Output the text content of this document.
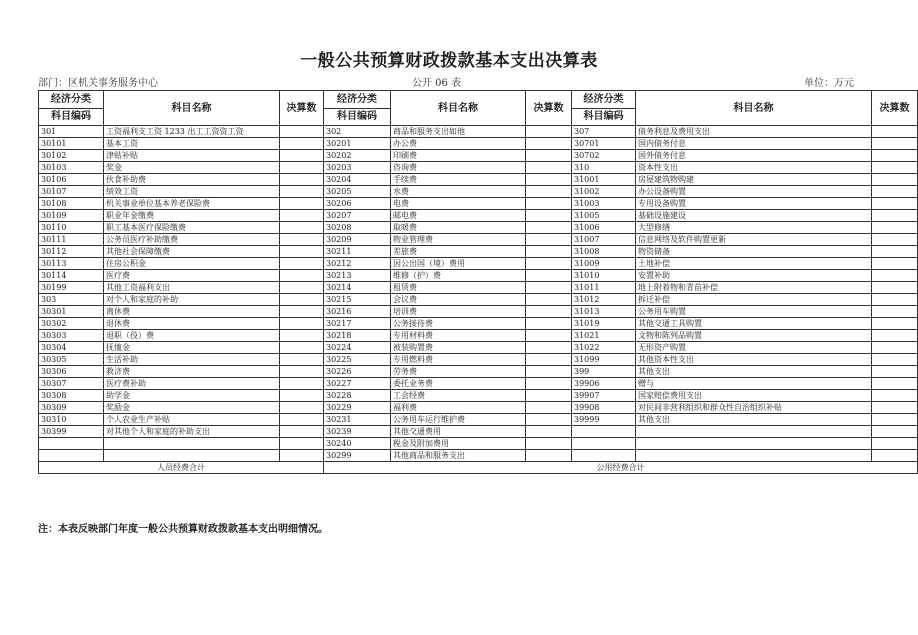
一般公共预算财政拨款基本支出决算表
部门：区机关事务服务中心	公开 06 表	单位：万元
经济分类	科目名称	决算数	经济分类	科目名称	决算数	经济分类	科目名称	决算数
科目编码			科目编码			科目编码		
301	工资福利支工资 1233 出工工资资工资		302	商品和服务支出如他		307	债务利息及费用支出	
30101	基本工资		30201	办公费		30701	国内债务付息	
30102	津贴补贴		30202	印刷费		30702	国外债务付息	
30103	奖金		30203	咨询费		310	资本性支出	
30106	伙食补助费		30204	手续费		31001	房屋建筑物购建	
30107	绩效工资		30205	水费		31002	办公设备购置	
30108	机关事业单位基本养老保险费		30206	电费		31003	专用设备购置	
30109	职业年金缴费		30207	邮电费		31005	基础设施建设	
30110	职工基本医疗保险缴费		30208	取暖费		31006	大型修缮	
30111	公务员医疗补助缴费		30209	物业管理费		31007	信息网络及软件购置更新	
30112	其他社会保障缴费		30211	差旅费		31008	物资储备	
30113	住房公积金		30212	因公出国（境）费用		31009	土地补偿	
30114	医疗费		30213	维修（护）费		31010	安置补助	
30199	其他工资福利支出		30214	租赁费		31011	地上附着物和青苗补偿	
303	对个人和家庭的补助		30215	会议费		31012	拆迁补偿	
30301	离休费		30216	培训费		31013	公务用车购置	
30302	退休费		30217	公务接待费		31019	其他交通工具购置	
30303	退职（役）费		30218	专用材料费		31021	文物和陈列品购置	
30304	抚恤金		30224	被装购置费		31022	无形资产购置	
30305	生活补助		30225	专用燃料费		31099	其他资本性支出	
30306	救济费		30226	劳务费		399	其他支出	
30307	医疗费补助		30227	委托业务费		39906	赠与	
30308	助学金		30228	工会经费		39907	国家赔偿费用支出	
30309	奖励金		30229	福利费		39908	对民间非营利组织和群众性自治组织补贴	
30310	个人农业生产补贴		30231	公务用车运行维护费		39999	其他支出	
30399	对其他个人和家庭的补助支出		30239	其他交通费用				
			30240	税金及附加费用				
			30299	其他商品和服务支出				
人员经费合计			公用经费合计					
注：本表反映部门年度一般公共预算财政拨款基本支出明细情况。
